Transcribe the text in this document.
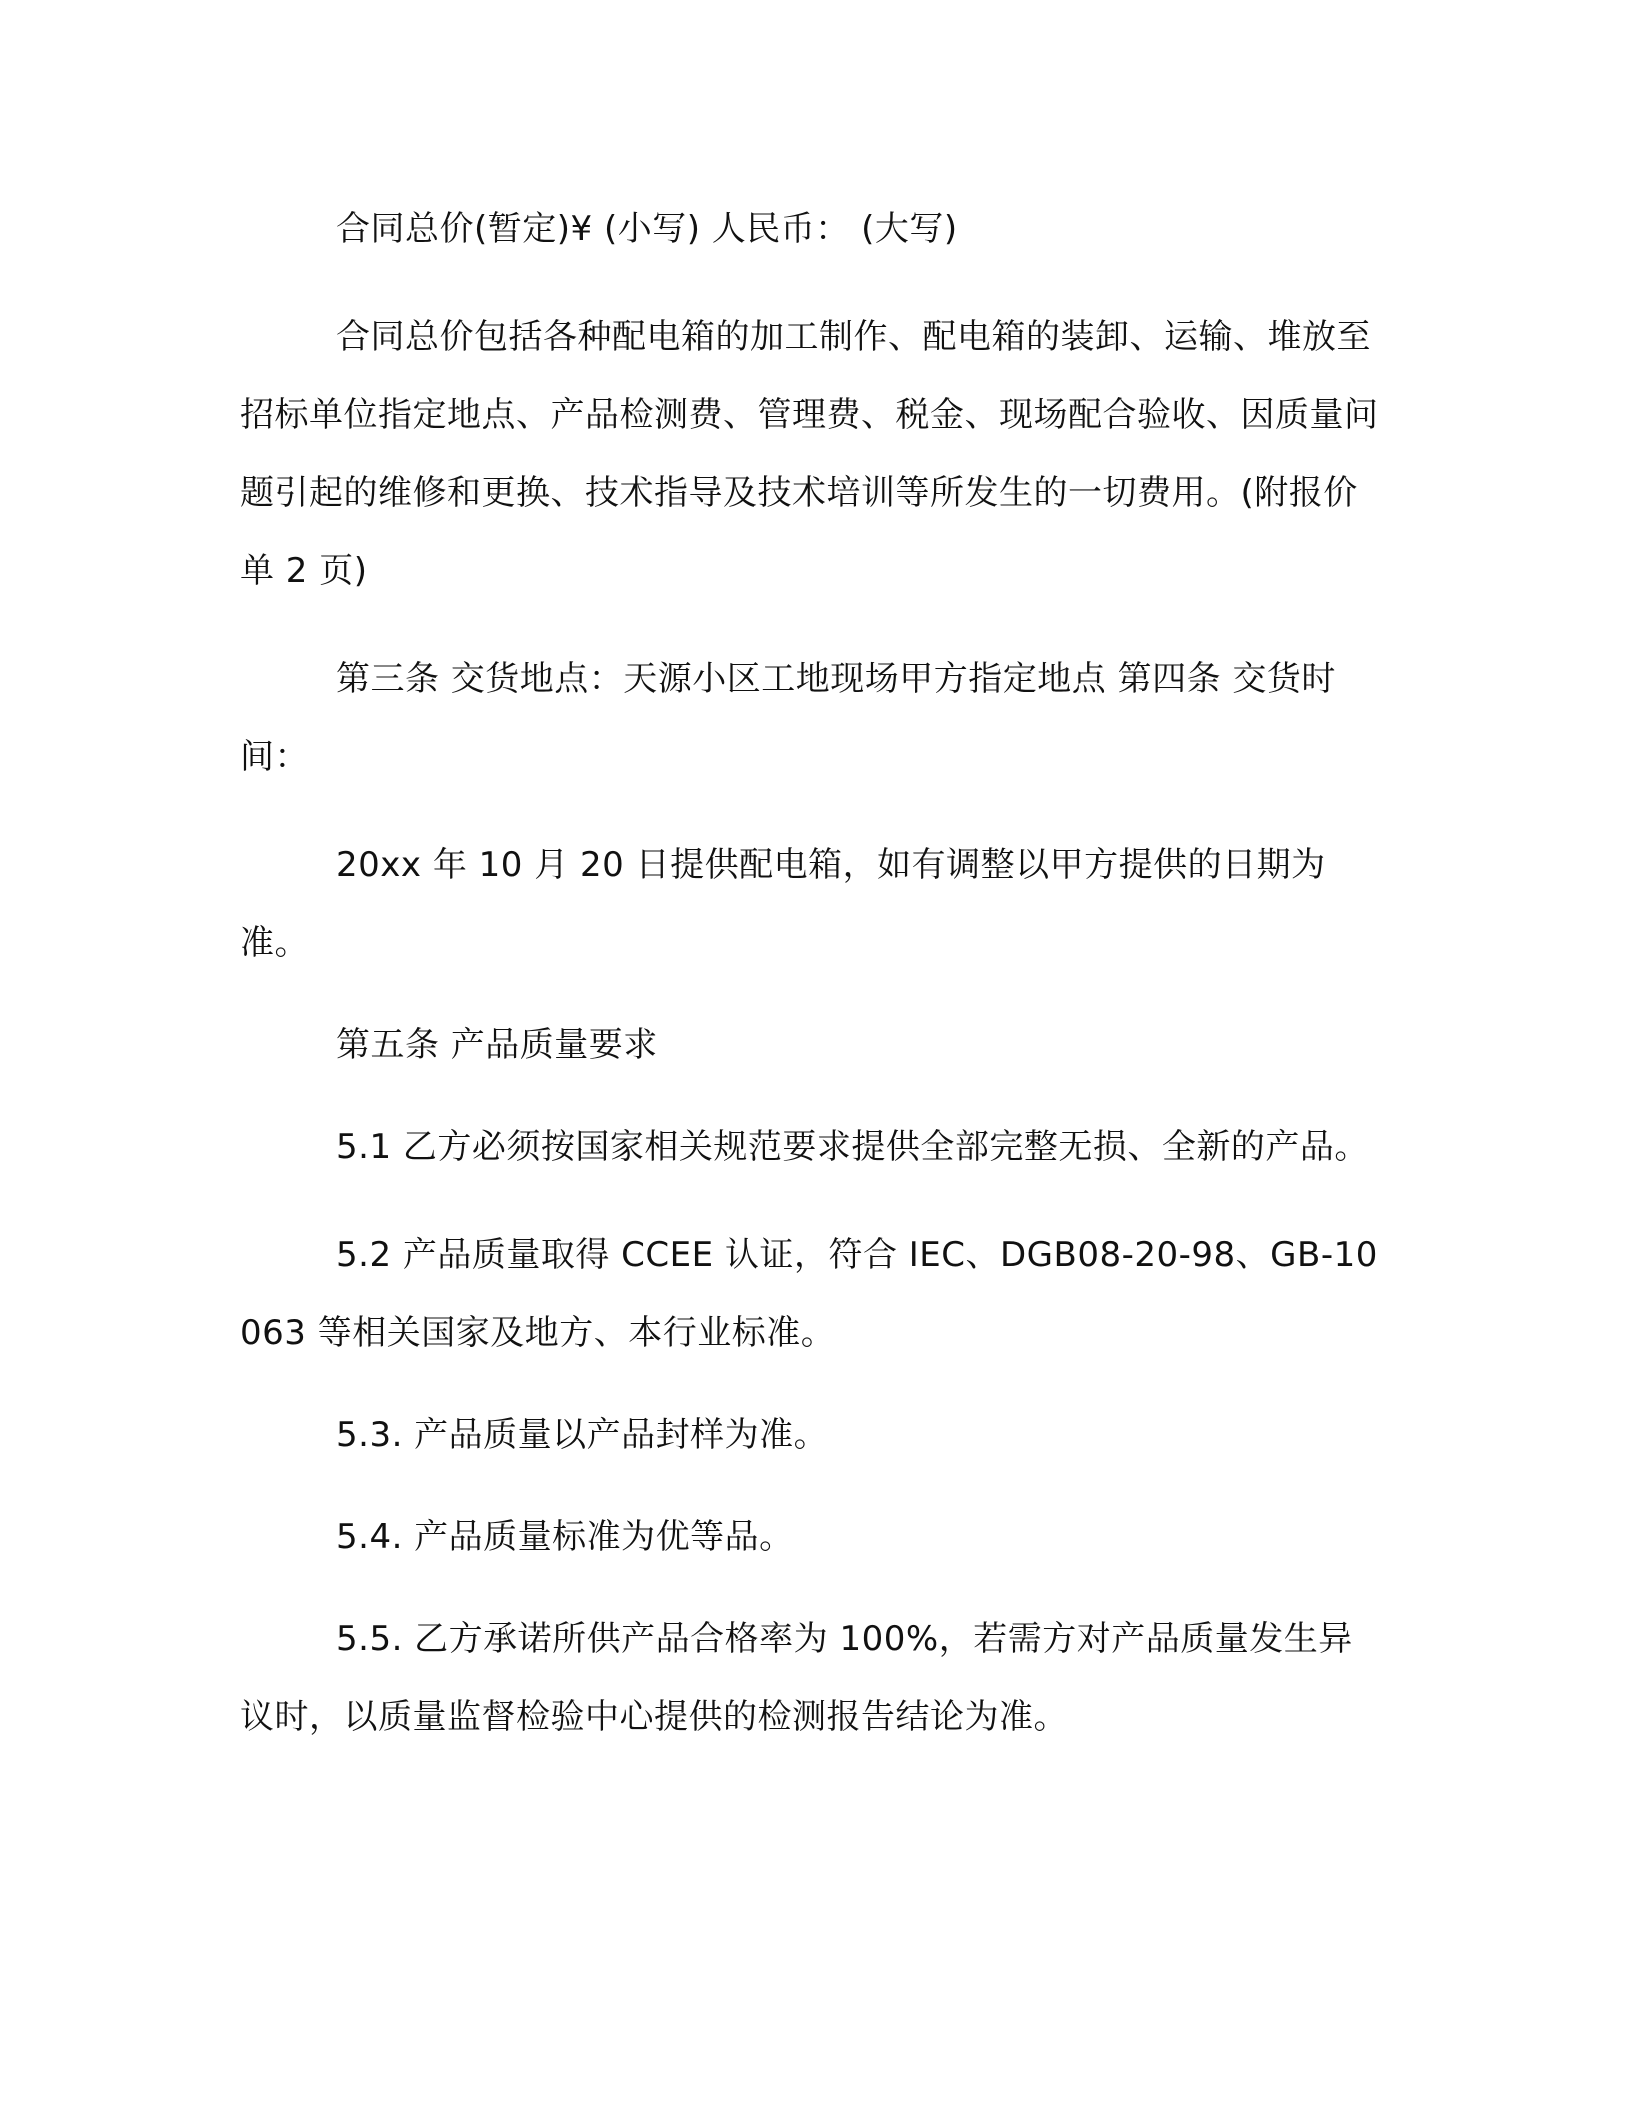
合同总价(暂定)¥ (小写) 人民币： (大写)

合同总价包括各种配电箱的加工制作、配电箱的装卸、运输、堆放至招标单位指定地点、产品检测费、管理费、税金、现场配合验收、因质量问题引起的维修和更换、技术指导及技术培训等所发生的一切费用。(附报价单 2 页)

第三条 交货地点：天源小区工地现场甲方指定地点 第四条 交货时间：

20xx 年 10 月 20 日提供配电箱，如有调整以甲方提供的日期为准。

第五条 产品质量要求

5.1 乙方必须按国家相关规范要求提供全部完整无损、全新的产品。

5.2 产品质量取得 CCEE 认证，符合 IEC、DGB08-20-98、GB-10063 等相关国家及地方、本行业标准。

5.3. 产品质量以产品封样为准。

5.4. 产品质量标准为优等品。

5.5. 乙方承诺所供产品合格率为 100%，若需方对产品质量发生异议时，以质量监督检验中心提供的检测报告结论为准。
